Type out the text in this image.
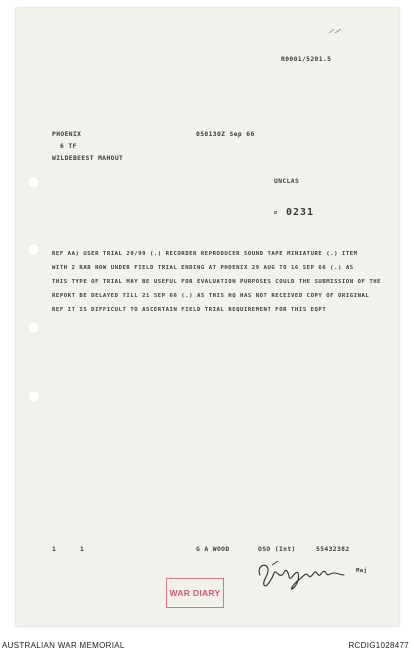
R0001/5201.5
PHOENIX	050130Z Sep 66
6 TF
WILDEBEEST MAHOUT
UNCLAS
o 0231
REF AA) USER TRIAL 20/99 (.) RECORDER REPRODUCER SOUND TAPE MINIATURE (.) ITEM
WITH 2 RAR NOW UNDER FIELD TRIAL ENDING AT PHOENIX 29 AUG TO 16 SEP 66 (.) AS
THIS TYPE OF TRIAL MAY BE USEFUL FOR EVALUATION PURPOSES COULD THE SUBMISSION OF THE
REPORT BE DELAYED TILL 21 SEP 66 (.) AS THIS HQ HAS NOT RECEIVED COPY OF ORIGINAL
REF IT IS DIFFICULT TO ASCERTAIN FIELD TRIAL REQUIREMENT FOR THIS EQPT
1	1	G A WOOD	OSO (Int)	55432382
Maj
WAR DIARY
AUSTRALIAN WAR MEMORIAL	RCDIG1028477
